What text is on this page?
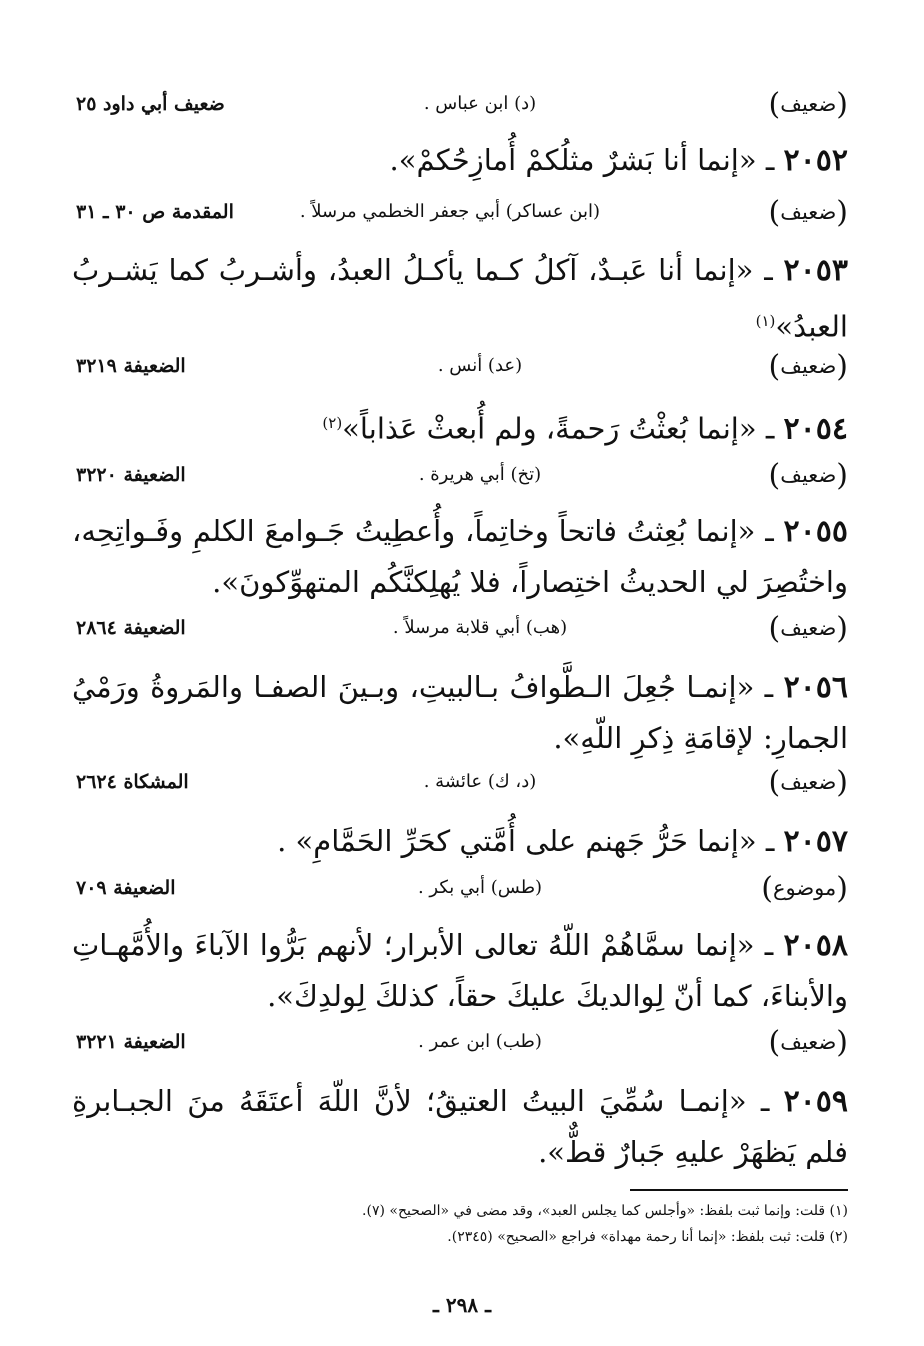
(ضعيف)
(د) ابن عباس .
ضعيف أبي داود ٢٥
٢٠٥٢ ـ «إنما أنا بَشرٌ مثلُكمْ أُمازِحُكمْ».
(ضعيف)
(ابن عساكر) أبي جعفر الخطمي مرسلاً .
المقدمة ص ٣٠ ـ ٣١
٢٠٥٣ ـ «إنما أنا عَبـدٌ، آكلُ كـما يأكـلُ العبدُ، وأشـربُ كما يَشـربُ العبدُ»$^{(١)}$
(ضعيف)
(عد) أنس .
الضعيفة ٣٢١٩
٢٠٥٤ ـ «إنما بُعثْتُ رَحمةً، ولم أُبعثْ عَذاباً»$^{(٢)}$
(ضعيف)
(تخ) أبي هريرة .
الضعيفة ٣٢٢٠
٢٠٥٥ ـ «إنما بُعِثتُ فاتحاً وخاتِماً، وأُعطِيتُ جَـوامعَ الكلمِ وفَـواتِحِه، واختُصِرَ لي الحديثُ اختِصاراً، فلا يُهلِكنَّكُم المتهوِّكونَ».
(ضعيف)
(هب) أبي قلابة مرسلاً .
الضعيفة ٢٨٦٤
٢٠٥٦ ـ «إنمـا جُعِلَ الـطَّوافُ بـالبيتِ، وبـينَ الصفـا والمَروةُ ورَمْيُ الجمارِ: لإقامَةِ ذِكرِ اللّهِ».
(ضعيف)
(د، ك) عائشة .
المشكاة ٢٦٢٤
٢٠٥٧ ـ «إنما حَرُّ جَهنم على أُمَّتي كحَرِّ الحَمَّامِ» .
(موضوع)
(طس) أبي بكر .
الضعيفة ٧٠٩
٢٠٥٨ ـ «إنما سمَّاهُمْ اللّهُ تعالى الأبرار؛ لأنهم بَرُّوا الآباءَ والأُمَّهـاتِ والأبناءَ، كما أنّ لِوالديكَ عليكَ حقاً، كذلكَ لِولدِكَ».
(ضعيف)
(طب) ابن عمر .
الضعيفة ٣٢٢١
٢٠٥٩ ـ «إنمـا سُمِّيَ البيتُ العتيقُ؛ لأنَّ اللّهَ أعتَقَهُ منَ الجبـابرةِ فلم يَظهَرْ عليهِ جَبارٌ قطٌّ».
(١) قلت: وإنما ثبت بلفظ: «وأجلس كما يجلس العبد»، وقد مضى في «الصحيح» (٧).
(٢) قلت: ثبت بلفظ: «إنما أنا رحمة مهداة» فراجع «الصحيح» (٢٣٤٥).
ـ ٢٩٨ ـ
